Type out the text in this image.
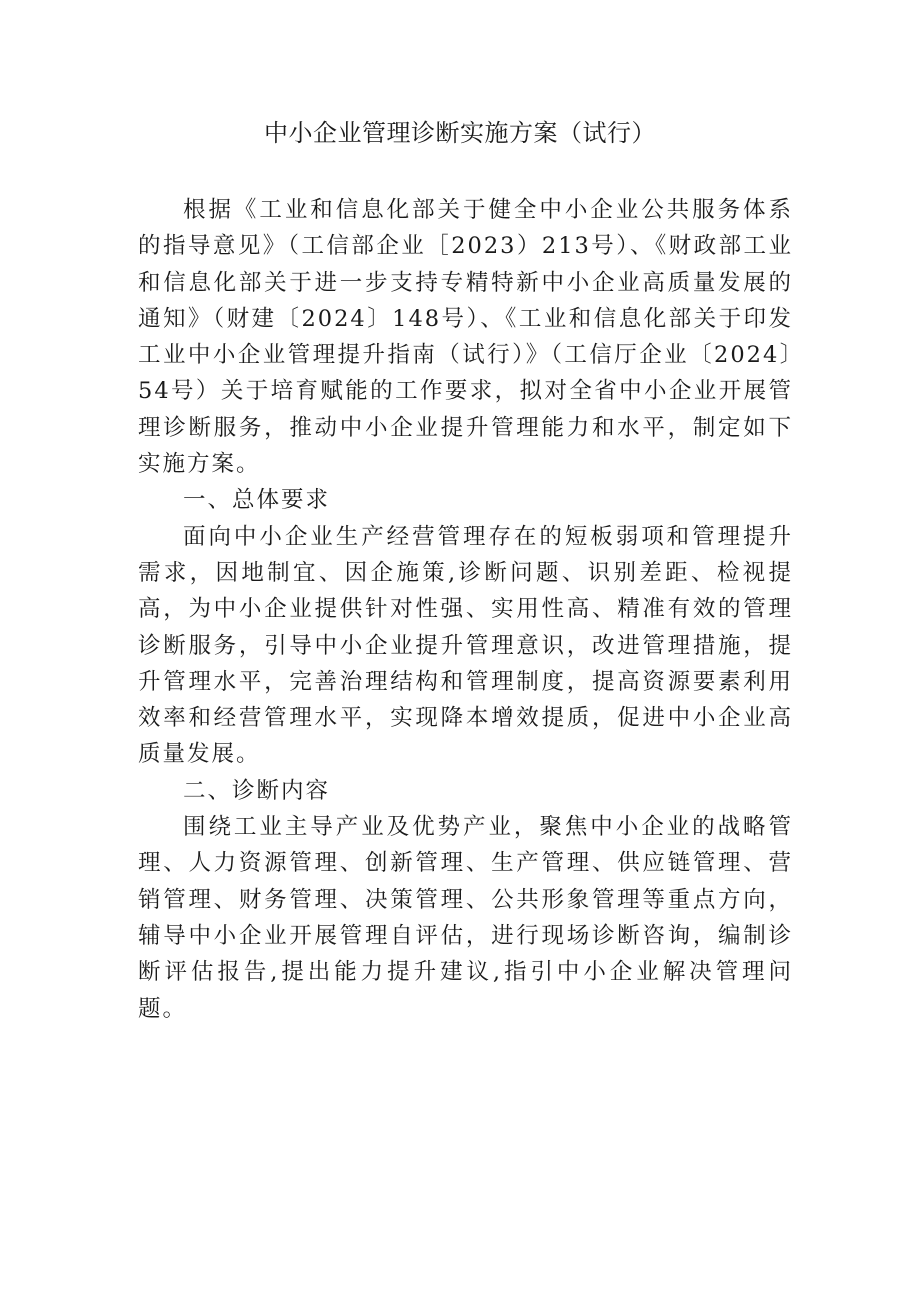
中小企业管理诊断实施方案（试行）

根据《工业和信息化部关于健全中小企业公共服务体系的指导意见》（工信部企业［2023）213号）、《财政部工业和信息化部关于进一步支持专精特新中小企业高质量发展的通知》（财建〔2024〕148号）、《工业和信息化部关于印发工业中小企业管理提升指南（试行）》（工信厅企业〔2024〕54号）关于培育赋能的工作要求，拟对全省中小企业开展管理诊断服务，推动中小企业提升管理能力和水平，制定如下实施方案。

一、总体要求

面向中小企业生产经营管理存在的短板弱项和管理提升需求，因地制宜、因企施策,诊断问题、识别差距、检视提高，为中小企业提供针对性强、实用性高、精准有效的管理诊断服务，引导中小企业提升管理意识，改进管理措施，提升管理水平，完善治理结构和管理制度，提高资源要素利用效率和经营管理水平，实现降本增效提质，促进中小企业高质量发展。

二、诊断内容

围绕工业主导产业及优势产业，聚焦中小企业的战略管理、人力资源管理、创新管理、生产管理、供应链管理、营销管理、财务管理、决策管理、公共形象管理等重点方向，辅导中小企业开展管理自评估，进行现场诊断咨询，编制诊断评估报告,提出能力提升建议,指引中小企业解决管理问题。
